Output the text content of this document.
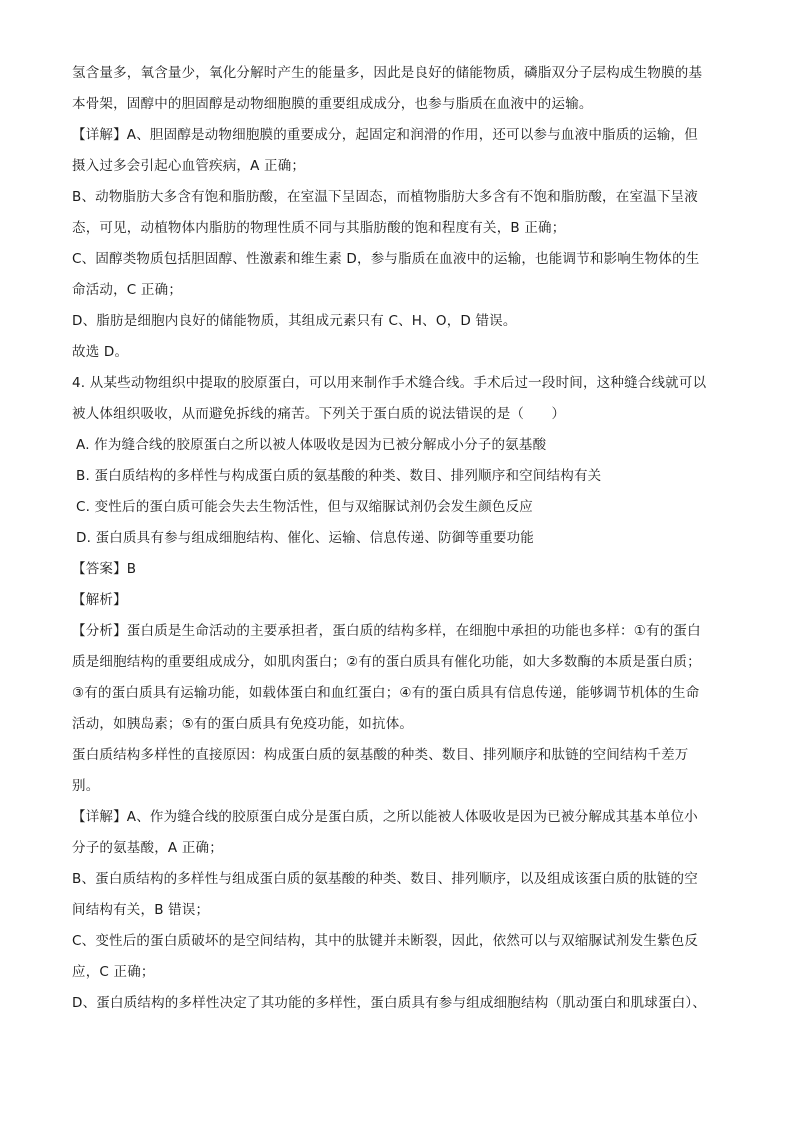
氢含量多，氧含量少，氧化分解时产生的能量多，因此是良好的储能物质，磷脂双分子层构成生物膜的基
本骨架，固醇中的胆固醇是动物细胞膜的重要组成成分，也参与脂质在血液中的运输。
【详解】A、胆固醇是动物细胞膜的重要成分，起固定和润滑的作用，还可以参与血液中脂质的运输，但
摄入过多会引起心血管疾病，A 正确；
B、动物脂肪大多含有饱和脂肪酸，在室温下呈固态，而植物脂肪大多含有不饱和脂肪酸，在室温下呈液
态，可见，动植物体内脂肪的物理性质不同与其脂肪酸的饱和程度有关，B 正确；
C、固醇类物质包括胆固醇、性激素和维生素 D，参与脂质在血液中的运输，也能调节和影响生物体的生
命活动，C 正确；
D、脂肪是细胞内良好的储能物质，其组成元素只有 C、H、O，D 错误。
故选 D。
4. 从某些动物组织中提取的胶原蛋白，可以用来制作手术缝合线。手术后过一段时间，这种缝合线就可以
被人体组织吸收，从而避免拆线的痛苦。下列关于蛋白质的说法错误的是（　　）
A. 作为缝合线的胶原蛋白之所以被人体吸收是因为已被分解成小分子的氨基酸
B. 蛋白质结构的多样性与构成蛋白质的氨基酸的种类、数目、排列顺序和空间结构有关
C. 变性后的蛋白质可能会失去生物活性，但与双缩脲试剂仍会发生颜色反应
D. 蛋白质具有参与组成细胞结构、催化、运输、信息传递、防御等重要功能
【答案】B
【解析】
【分析】蛋白质是生命活动的主要承担者，蛋白质的结构多样，在细胞中承担的功能也多样：①有的蛋白
质是细胞结构的重要组成成分，如肌肉蛋白；②有的蛋白质具有催化功能，如大多数酶的本质是蛋白质；
③有的蛋白质具有运输功能，如载体蛋白和血红蛋白；④有的蛋白质具有信息传递，能够调节机体的生命
活动，如胰岛素；⑤有的蛋白质具有免疫功能，如抗体。
蛋白质结构多样性的直接原因：构成蛋白质的氨基酸的种类、数目、排列顺序和肽链的空间结构千差万
别。
【详解】A、作为缝合线的胶原蛋白成分是蛋白质，之所以能被人体吸收是因为已被分解成其基本单位小
分子的氨基酸，A 正确；
B、蛋白质结构的多样性与组成蛋白质的氨基酸的种类、数目、排列顺序，以及组成该蛋白质的肽链的空
间结构有关，B 错误；
C、变性后的蛋白质破坏的是空间结构，其中的肽键并未断裂，因此，依然可以与双缩脲试剂发生紫色反
应，C 正确；
D、蛋白质结构的多样性决定了其功能的多样性，蛋白质具有参与组成细胞结构（肌动蛋白和肌球蛋白）、
